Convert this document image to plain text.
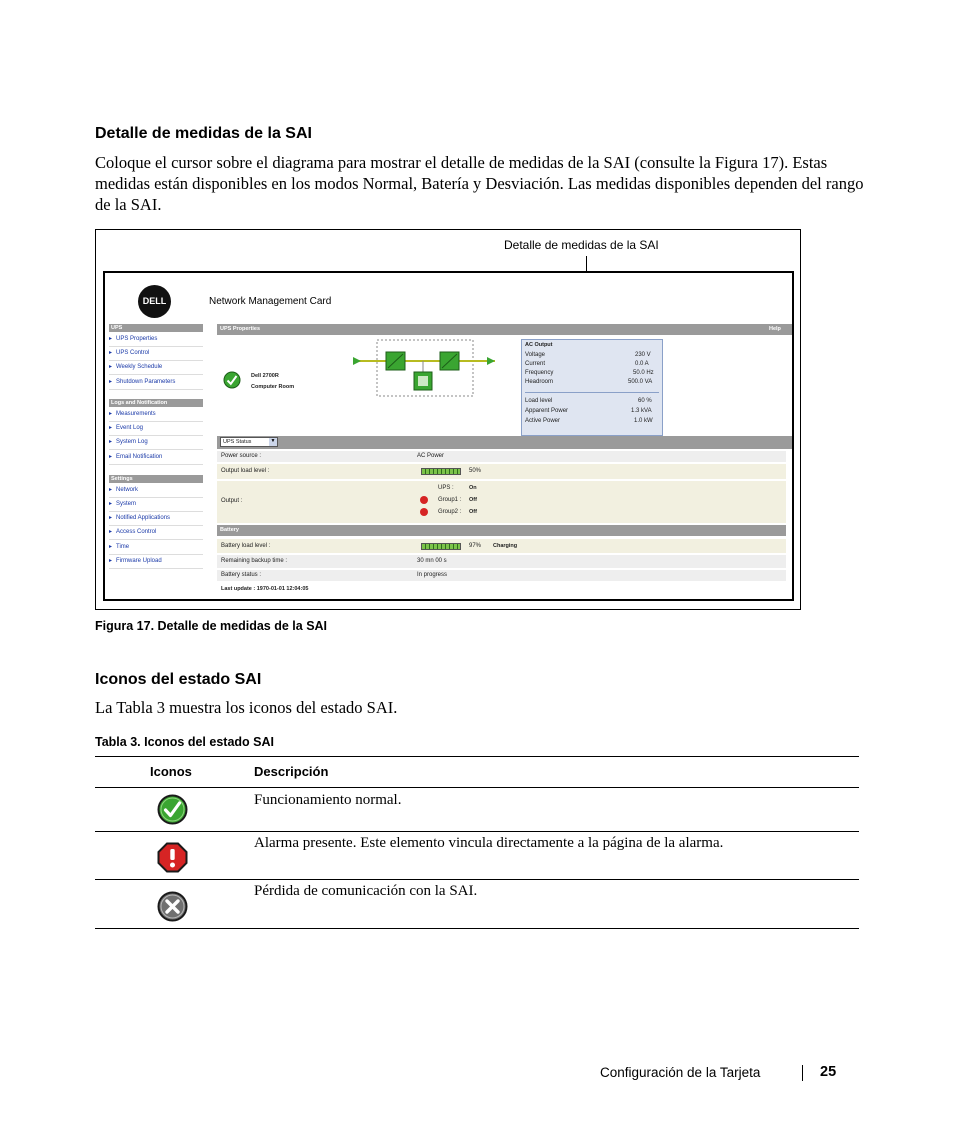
Detalle de medidas de la SAI
Coloque el cursor sobre el diagrama para mostrar el detalle de medidas de la SAI (consulte la Figura 17). Estas medidas están disponibles en los modos Normal, Batería y Desviación. Las medidas disponibles dependen del rango de la SAI.
Detalle de medidas de la SAI
DELL	Network Management Card
UPS
▸ UPS Properties
▸ UPS Control
▸ Weekly Schedule
▸ Shutdown Parameters
Logs and Notification
▸ Measurements
▸ Event Log
▸ System Log
▸ Email Notification
Settings
▸ Network
▸ System
▸ Notified Applications
▸ Access Control
▸ Time
▸ Firmware Upload
UPS Properties	Help
Dell 2700R
Computer Room
AC Output
Voltage	230 V
Current	0.0 A
Frequency	50.0 Hz
Headroom	500.0 VA
Load level	60 %
Apparent Power	1.3 kVA
Active Power	1.0 kW
UPS Status	▼
Power source :	AC Power
Output load level :	50%
Output :
UPS :	On
Group1 : Off
Group2 : Off
Battery
Battery load level :	97% Charging
Remaining backup time :	30 mn 00 s
Battery status :	In progress
Last update : 1970-01-01 12:04:05
Figura 17. Detalle de medidas de la SAI
Iconos del estado SAI
La Tabla 3 muestra los iconos del estado SAI.
Tabla 3. Iconos del estado SAI
Iconos	Descripción
Funcionamiento normal.
Alarma presente. Este elemento vincula directamente a la página de la alarma.
Pérdida de comunicación con la SAI.
Configuración de la Tarjeta	25
